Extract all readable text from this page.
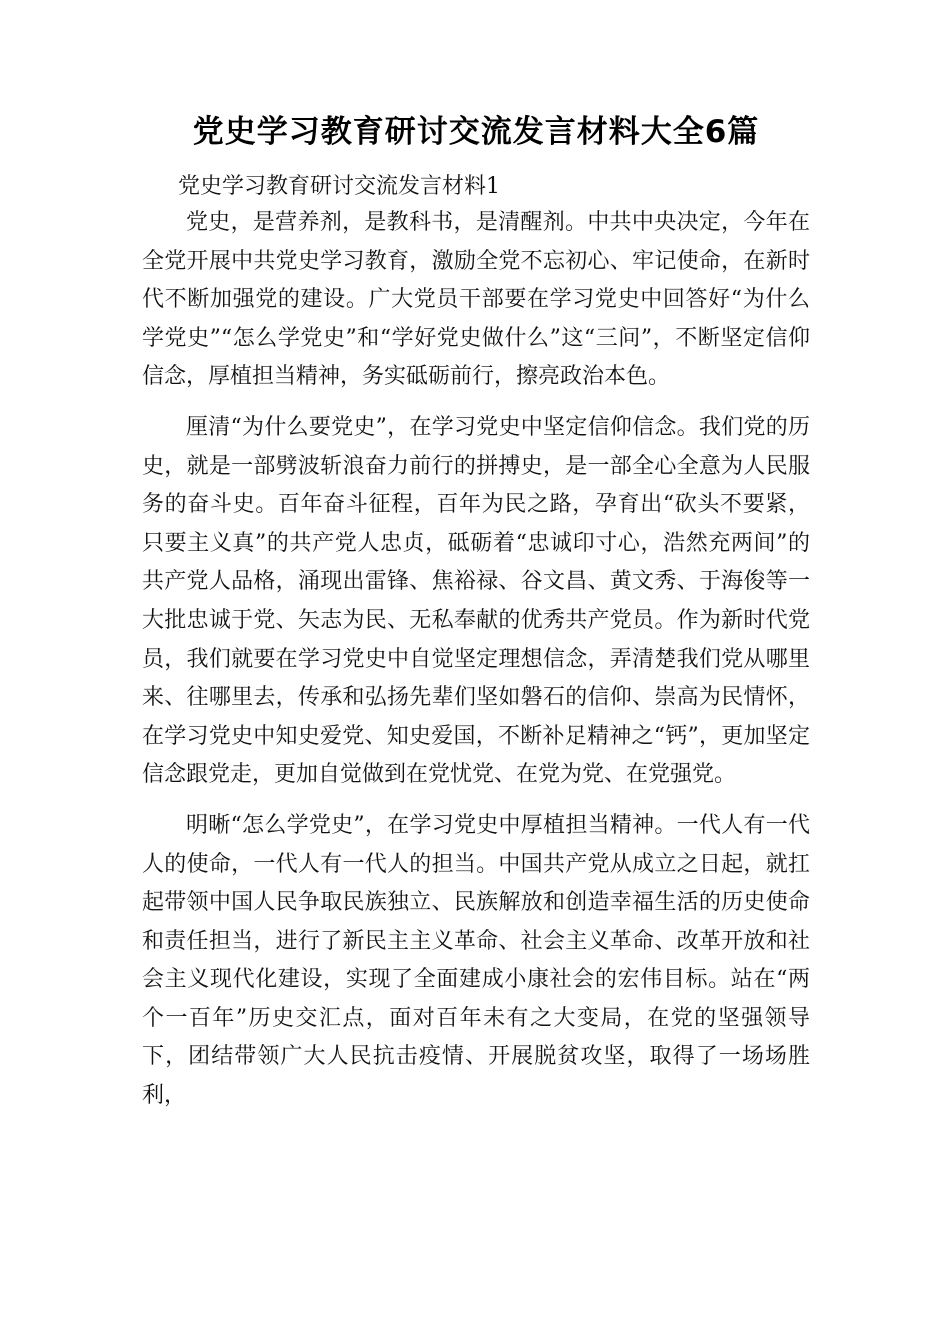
党史学习教育研讨交流发言材料大全6篇
党史学习教育研讨交流发言材料1

党史，是营养剂，是教科书，是清醒剂。中共中央决定，今年在全党开展中共党史学习教育，激励全党不忘初心、牢记使命，在新时代不断加强党的建设。广大党员干部要在学习党史中回答好“为什么学党史”“怎么学党史”和“学好党史做什么”这“三问”，不断坚定信仰信念，厚植担当精神，务实砥砺前行，擦亮政治本色。

厘清“为什么要党史”，在学习党史中坚定信仰信念。我们党的历史，就是一部劈波斩浪奋力前行的拼搏史，是一部全心全意为人民服务的奋斗史。百年奋斗征程，百年为民之路，孕育出“砍头不要紧，只要主义真”的共产党人忠贞，砥砺着“忠诚印寸心，浩然充两间”的共产党人品格，涌现出雷锋、焦裕禄、谷文昌、黄文秀、于海俊等一大批忠诚于党、矢志为民、无私奉献的优秀共产党员。作为新时代党员，我们就要在学习党史中自觉坚定理想信念，弄清楚我们党从哪里来、往哪里去，传承和弘扬先辈们坚如磐石的信仰、崇高为民情怀，在学习党史中知史爱党、知史爱国，不断补足精神之“钙”，更加坚定信念跟党走，更加自觉做到在党忧党、在党为党、在党强党。

明晰“怎么学党史”，在学习党史中厚植担当精神。一代人有一代人的使命，一代人有一代人的担当。中国共产党从成立之日起，就扛起带领中国人民争取民族独立、民族解放和创造幸福生活的历史使命和责任担当，进行了新民主主义革命、社会主义革命、改革开放和社会主义现代化建设，实现了全面建成小康社会的宏伟目标。站在“两个一百年”历史交汇点，面对百年未有之大变局，在党的坚强领导下，团结带领广大人民抗击疫情、开展脱贫攻坚，取得了一场场胜利，
